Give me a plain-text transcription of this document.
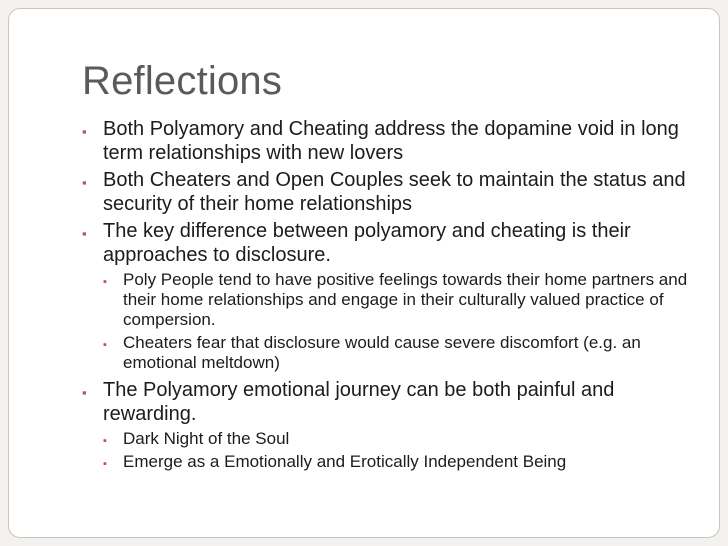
Reflections
▪ Both Polyamory and Cheating address the dopamine void in long term relationships with new lovers
▪ Both Cheaters and Open Couples seek to maintain the status and security of their home relationships
▪ The key difference between polyamory and cheating is their approaches to disclosure.
▪ Poly People tend to have positive feelings towards their home partners and their home relationships and engage in their culturally valued practice of compersion.
▪ Cheaters fear that disclosure would cause severe discomfort (e.g. an emotional meltdown)
▪ The Polyamory emotional journey can be both painful and rewarding.
▪ Dark Night of the Soul
▪ Emerge as a Emotionally and Erotically Independent Being
